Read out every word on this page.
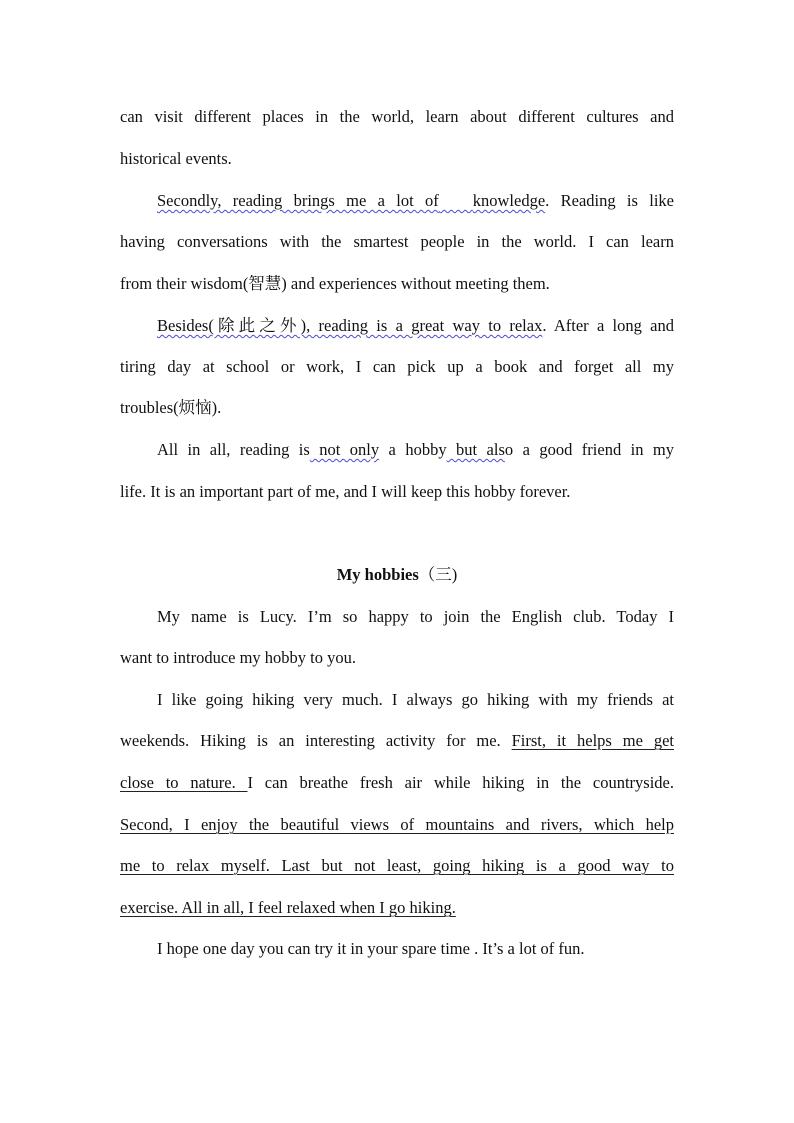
can visit different places in the world, learn about different cultures and
historical events.
Secondly, reading brings me a lot of knowledge. Reading is like
having conversations with the smartest people in the world. I can learn
from their wisdom(智慧) and experiences without meeting them.
Besides(除此之外), reading is a great way to relax. After a long and
tiring day at school or work, I can pick up a book and forget all my
troubles(烦恼).
All in all, reading is not only a hobby but also a good friend in my
life. It is an important part of me, and I will keep this hobby forever.
My hobbies（三)
My name is Lucy. I’m so happy to join the English club. Today I
want to introduce my hobby to you.
I like going hiking very much. I always go hiking with my friends at
weekends. Hiking is an interesting activity for me. First, it helps me get
close to nature. I can breathe fresh air while hiking in the countryside.
Second, I enjoy the beautiful views of mountains and rivers, which help
me to relax myself. Last but not least, going hiking is a good way to
exercise. All in all, I feel relaxed when I go hiking.
I hope one day you can try it in your spare time . It’s a lot of fun.
